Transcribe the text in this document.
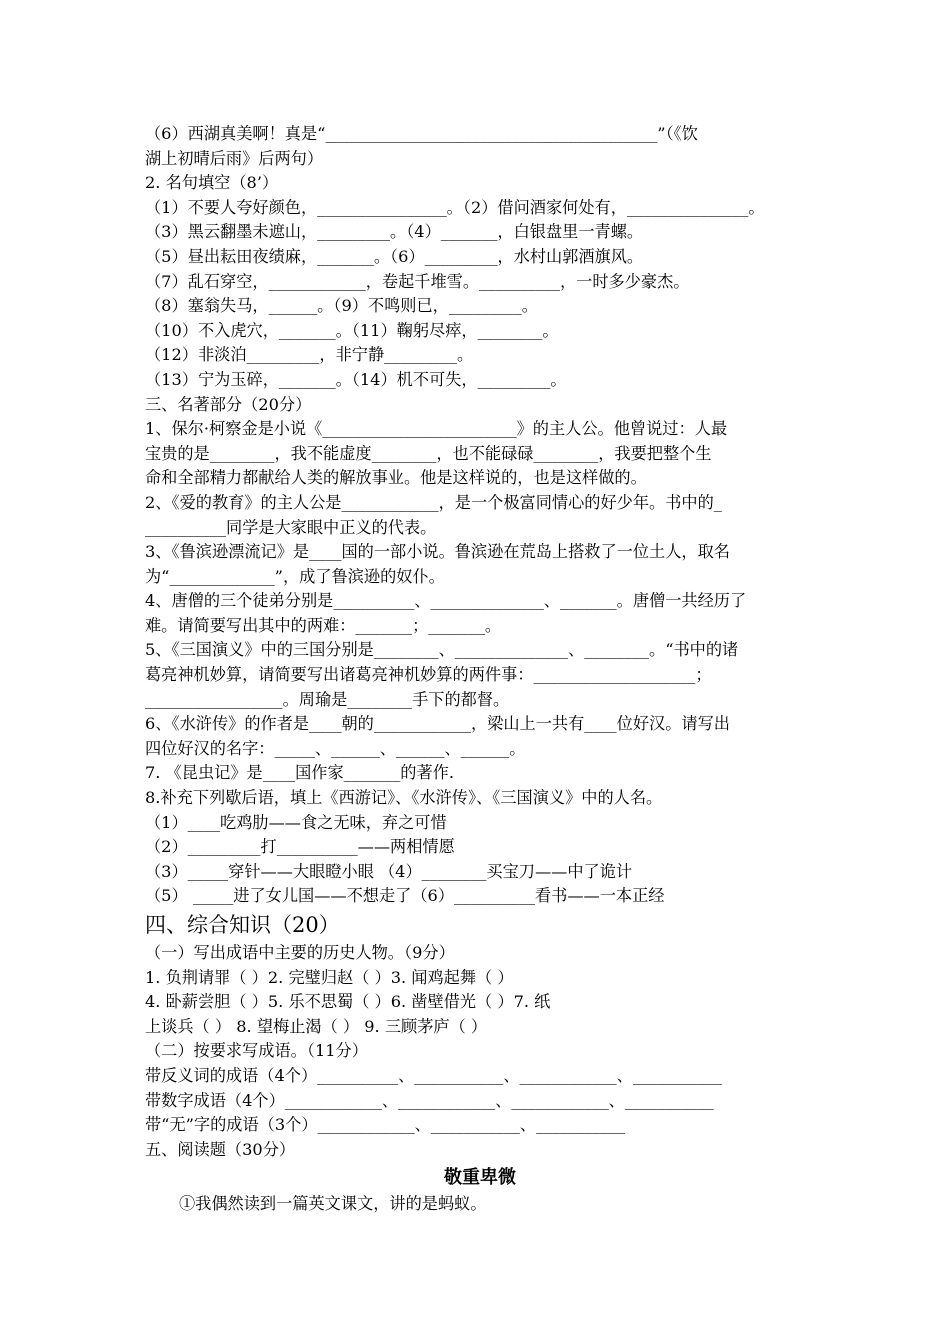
（6）西湖真美啊！真是“_________________________________________”（《饮
湖上初晴后雨》后两句）
2. 名句填空（8’）
（1）不要人夸好颜色，________________。（2）借问酒家何处有，_______________。
（3）黑云翻墨未遮山，_________。（4）_______，白银盘里一青螺。
（5）昼出耘田夜绩麻，_______。（6）_________，水村山郭酒旗风。
（7）乱石穿空，____________，卷起千堆雪。__________，一时多少豪杰。
（8）塞翁失马，______。（9）不鸣则已，_________。
（10）不入虎穴，_______。（11）鞠躬尽瘁，________。
（12）非淡泊_________，非宁静_________。
（13）宁为玉碎，_______。（14）机不可失，_________。
三、名著部分（20分）
1、保尔·柯察金是小说《________________________》的主人公。他曾说过：人最
宝贵的是________，我不能虚度________，也不能碌碌________，我要把整个生
命和全部精力都献给人类的解放事业。他是这样说的，也是这样做的。
2、《爱的教育》的主人公是____________，是一个极富同情心的好少年。书中的_
__________同学是大家眼中正义的代表。
3、《鲁滨逊漂流记》是____国的一部小说。鲁滨逊在荒岛上搭救了一位土人，取名
为“_____________”，成了鲁滨逊的奴仆。
4、唐僧的三个徒弟分别是__________、______________、_______。唐僧一共经历了
难。请简要写出其中的两难：_______；_______。
5、《三国演义》中的三国分别是________、______________、________。“书中的诸
葛亮神机妙算，请简要写出诸葛亮神机妙算的两件事：____________________；
_________________。周瑜是________手下的都督。
6、《水浒传》的作者是____朝的____________，梁山上一共有____位好汉。请写出
四位好汉的名字：_____、______、______、______。
7. 《昆虫记》是____国作家_______的著作.
8.补充下列歇后语，填上《西游记》、《水浒传》、《三国演义》中的人名。
（1）____吃鸡肋——食之无味，弃之可惜
（2）_________打__________——两相情愿
（3）_____穿针——大眼瞪小眼 （4）________买宝刀——中了诡计
（5） _____进了女儿国——不想走了（6）__________看书——一本正经
四、综合知识（20）
（一）写出成语中主要的历史人物。（9分）
1. 负荆请罪（ ）2. 完璧归赵（ ）3. 闻鸡起舞（ ）
4. 卧薪尝胆（ ）5. 乐不思蜀（ ）6. 凿壁借光（ ）7. 纸
上谈兵（ ） 8. 望梅止渴（ ） 9. 三顾茅庐（ ）
（二）按要求写成语。（11分）
带反义词的成语（4个）__________、___________、____________、___________
带数字成语（4个）____________、____________、____________、___________
带“无”字的成语（3个）____________、___________、___________
五、阅读题（30分）
敬重卑微
①我偶然读到一篇英文课文，讲的是蚂蚁。
